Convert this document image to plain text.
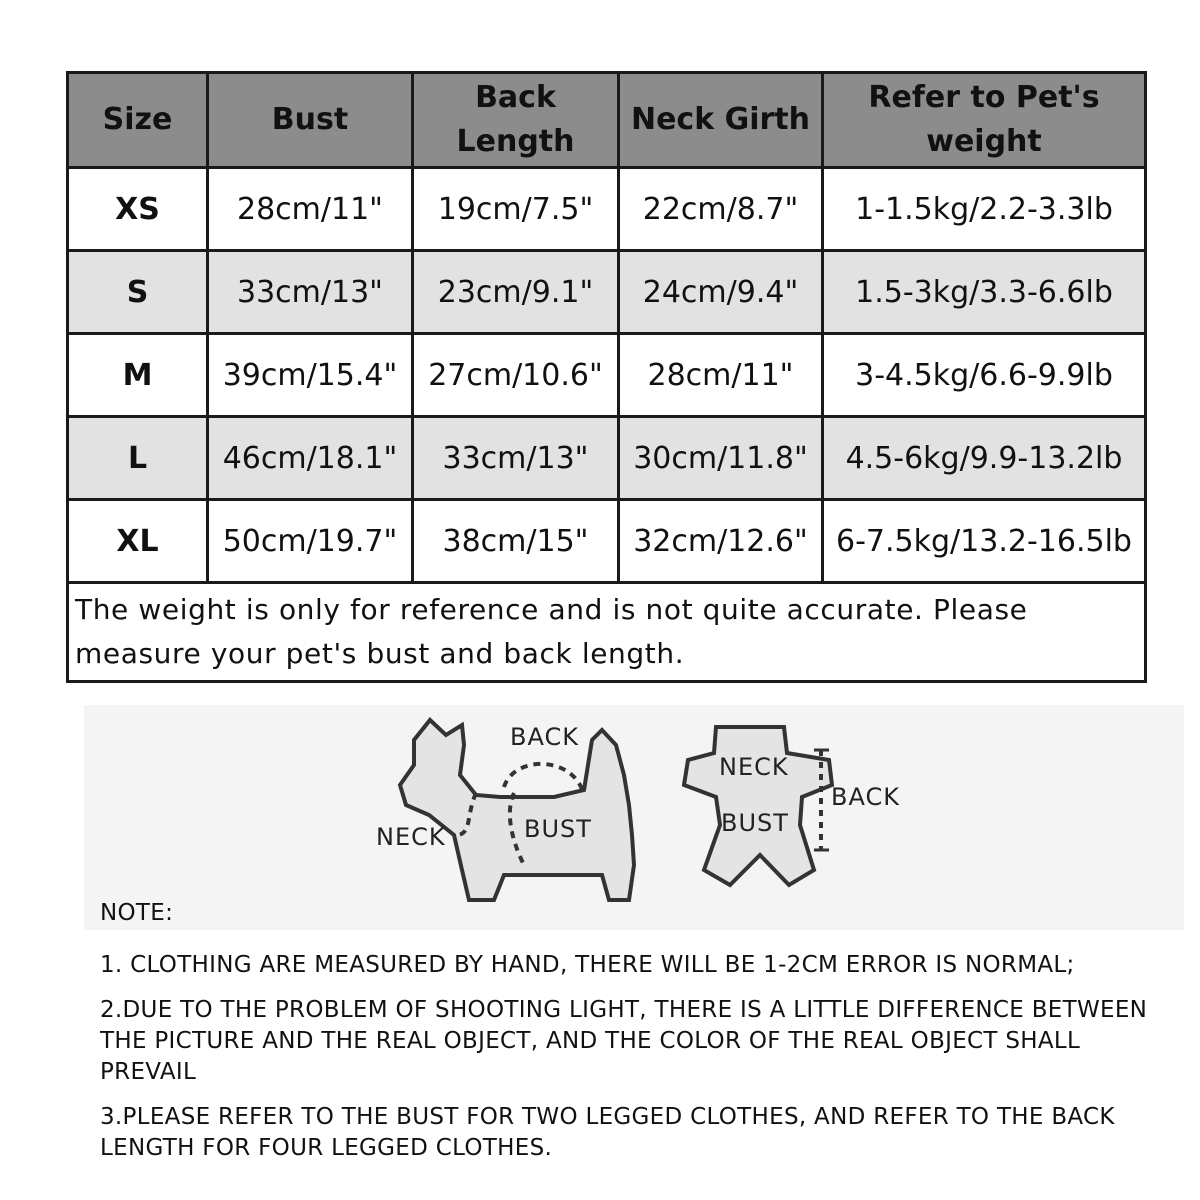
Size	Bust	Back Length	Neck Girth	Refer to Pet's weight
XS	28cm/11"	19cm/7.5"	22cm/8.7"	1-1.5kg/2.2-3.3lb
S	33cm/13"	23cm/9.1"	24cm/9.4"	1.5-3kg/3.3-6.6lb
M	39cm/15.4"	27cm/10.6"	28cm/11"	3-4.5kg/6.6-9.9lb
L	46cm/18.1"	33cm/13"	30cm/11.8"	4.5-6kg/9.9-13.2lb
XL	50cm/19.7"	38cm/15"	32cm/12.6"	6-7.5kg/13.2-16.5lb
The weight is only for reference and is not quite accurate. Please measure your pet's bust and back length.				
BACK
NECK	BUST
NECK
BACK
BUST
NOTE:
1. CLOTHING ARE MEASURED BY HAND, THERE WILL BE 1-2CM ERROR IS NORMAL;
2.DUE TO THE PROBLEM OF SHOOTING LIGHT, THERE IS A LITTLE DIFFERENCE BETWEEN THE PICTURE AND THE REAL OBJECT, AND THE COLOR OF THE REAL OBJECT SHALL PREVAIL
3.PLEASE REFER TO THE BUST FOR TWO LEGGED CLOTHES, AND REFER TO THE BACK LENGTH FOR FOUR LEGGED CLOTHES.
